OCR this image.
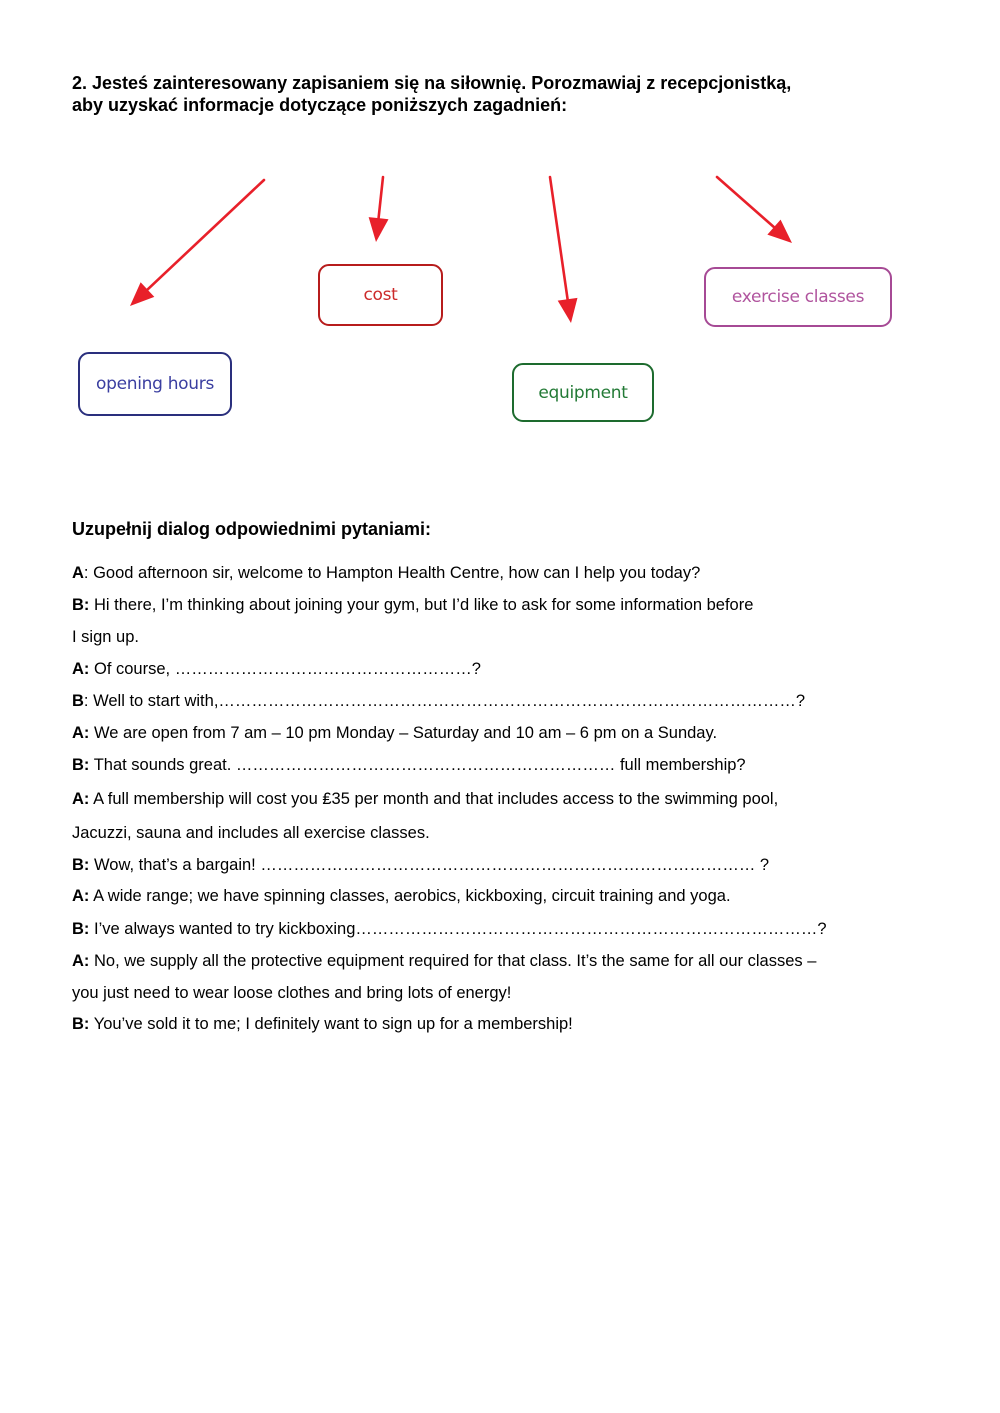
2. Jesteś zainteresowany zapisaniem się na siłownię. Porozmawiaj z recepcjonistką,
aby uzyskać informacje dotyczące poniższych zagadnień:
opening hours
cost
equipment
exercise classes
Uzupełnij dialog odpowiednimi pytaniami:
A: Good afternoon sir, welcome to Hampton Health Centre, how can I help you today?
B: Hi there, I’m thinking about joining your gym, but I’d like to ask for some information before
I sign up.
A: Of course, ………………………………………………?
B: Well to start with,……………………………………………………………………………………………?
A: We are open from 7 am – 10 pm Monday – Saturday and 10 am – 6 pm on a Sunday.
B: That sounds great. …………………………………………………………… full membership?
A: A full membership will cost you ₤35 per month and that includes access to the swimming pool,
Jacuzzi, sauna and includes all exercise classes.
B: Wow, that’s a bargain! ……………………………………………………………………………… ?
A: A wide range; we have spinning classes, aerobics, kickboxing, circuit training and yoga.
B: I’ve always wanted to try kickboxing…………………………………………………………………………?
A: No, we supply all the protective equipment required for that class. It’s the same for all our classes –
you just need to wear loose clothes and bring lots of energy!
B: You’ve sold it to me; I definitely want to sign up for a membership!
